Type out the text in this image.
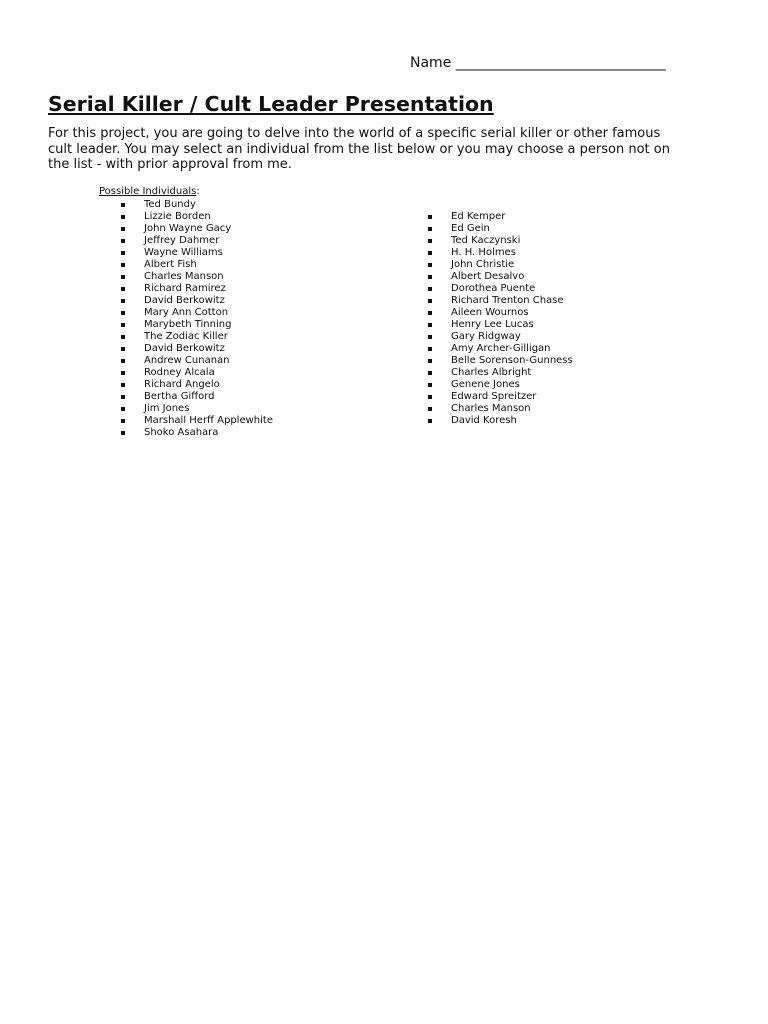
Name ______________________________
Serial Killer / Cult Leader Presentation

For this project, you are going to delve into the world of a specific serial killer or other famous cult leader. You may select an individual from the list below or you may choose a person not on the list - with prior approval from me.

Possible Individuals:
Ted Bundy
Lizzie Borden
John Wayne Gacy
Jeffrey Dahmer
Wayne Williams
Albert Fish
Charles Manson
Richard Ramirez
David Berkowitz
Mary Ann Cotton
Marybeth Tinning
The Zodiac Killer
David Berkowitz
Andrew Cunanan
Rodney Alcala
Richard Angelo
Bertha Gifford
Jim Jones
Marshall Herff Applewhite
Shoko Asahara
Ed Kemper
Ed Gein
Ted Kaczynski
H. H. Holmes
John Christie
Albert Desalvo
Dorothea Puente
Richard Trenton Chase
Aileen Wournos
Henry Lee Lucas
Gary Ridgway
Amy Archer-Gilligan
Belle Sorenson-Gunness
Charles Albright
Genene Jones
Edward Spreitzer
Charles Manson
David Koresh
